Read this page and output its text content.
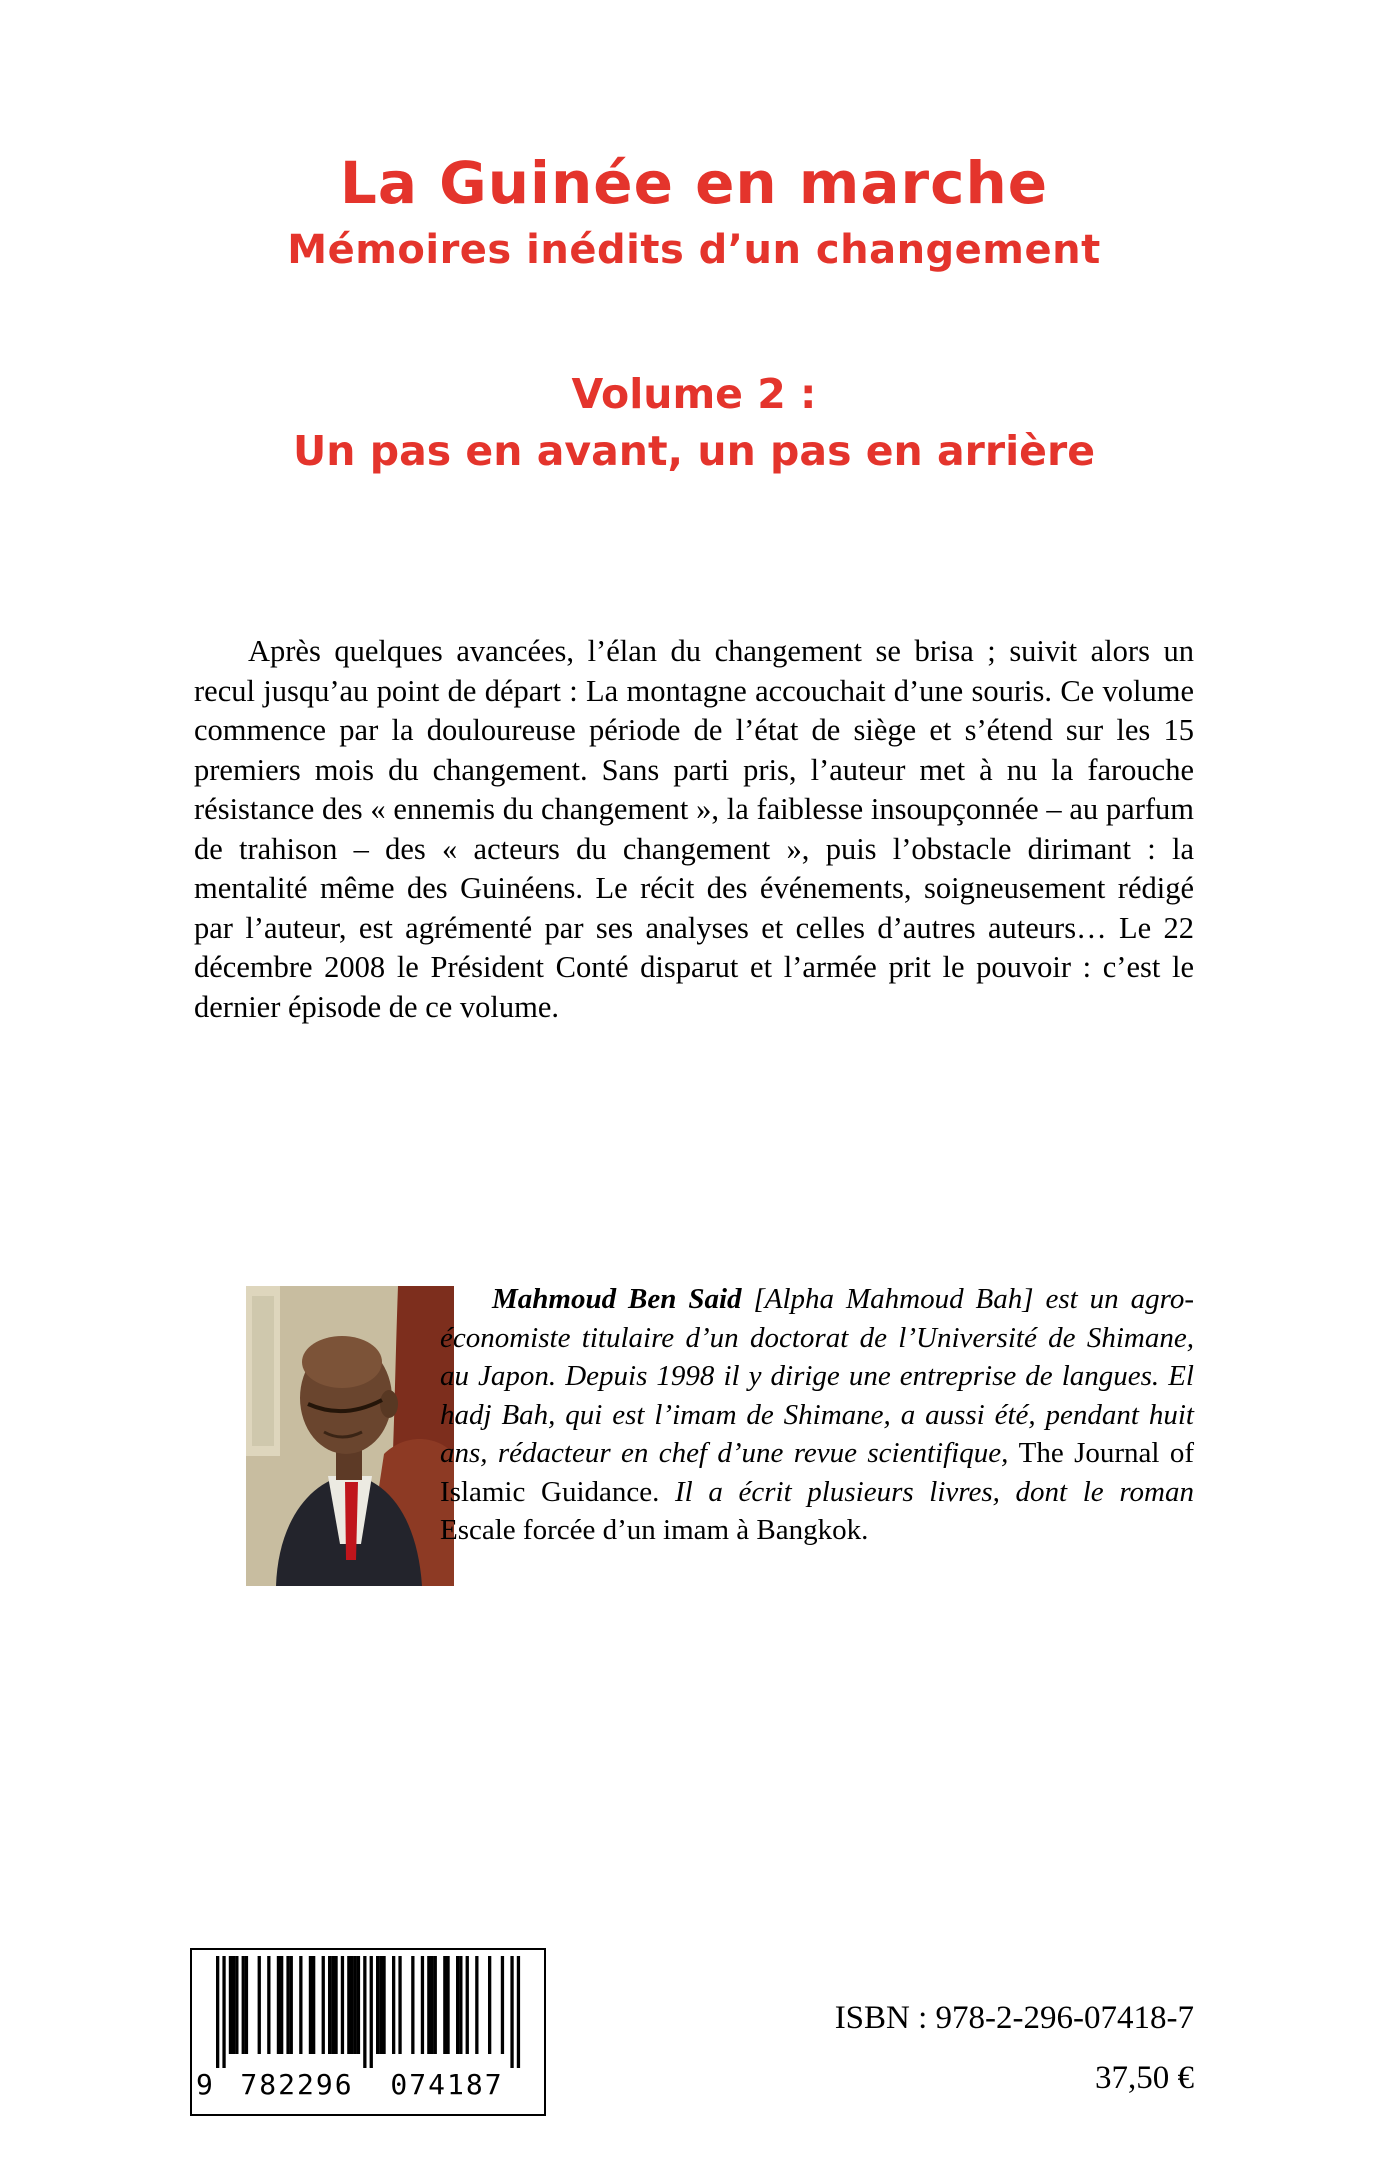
La Guinée en marche
Mémoires inédits d’un changement
Volume 2 :
Un pas en avant, un pas en arrière

Après quelques avancées, l’élan du changement se brisa ; suivit alors un recul jusqu’au point de départ : La montagne accouchait d’une souris. Ce volume commence par la douloureuse période de l’état de siège et s’étend sur les 15 premiers mois du changement. Sans parti pris, l’auteur met à nu la farouche résistance des « ennemis du changement », la faiblesse insoupçonnée – au parfum de trahison – des « acteurs du changement », puis l’obstacle dirimant : la mentalité même des Guinéens. Le récit des événements, soigneusement rédigé par l’auteur, est agrémenté par ses analyses et celles d’autres auteurs… Le 22 décembre 2008 le Président Conté disparut et l’armée prit le pouvoir : c’est le dernier épisode de ce volume.

Mahmoud Ben Said [Alpha Mahmoud Bah] est un agro-économiste titulaire d’un doctorat de l’Université de Shimane, au Japon. Depuis 1998 il y dirige une entreprise de langues. El hadj Bah, qui est l’imam de Shimane, a aussi été, pendant huit ans, rédacteur en chef d’une revue scientifique, The Journal of Islamic Guidance. Il a écrit plusieurs livres, dont le roman Escale forcée d’un imam à Bangkok.
9 782296	074187
ISBN : 978-2-296-07418-7
37,50 €
